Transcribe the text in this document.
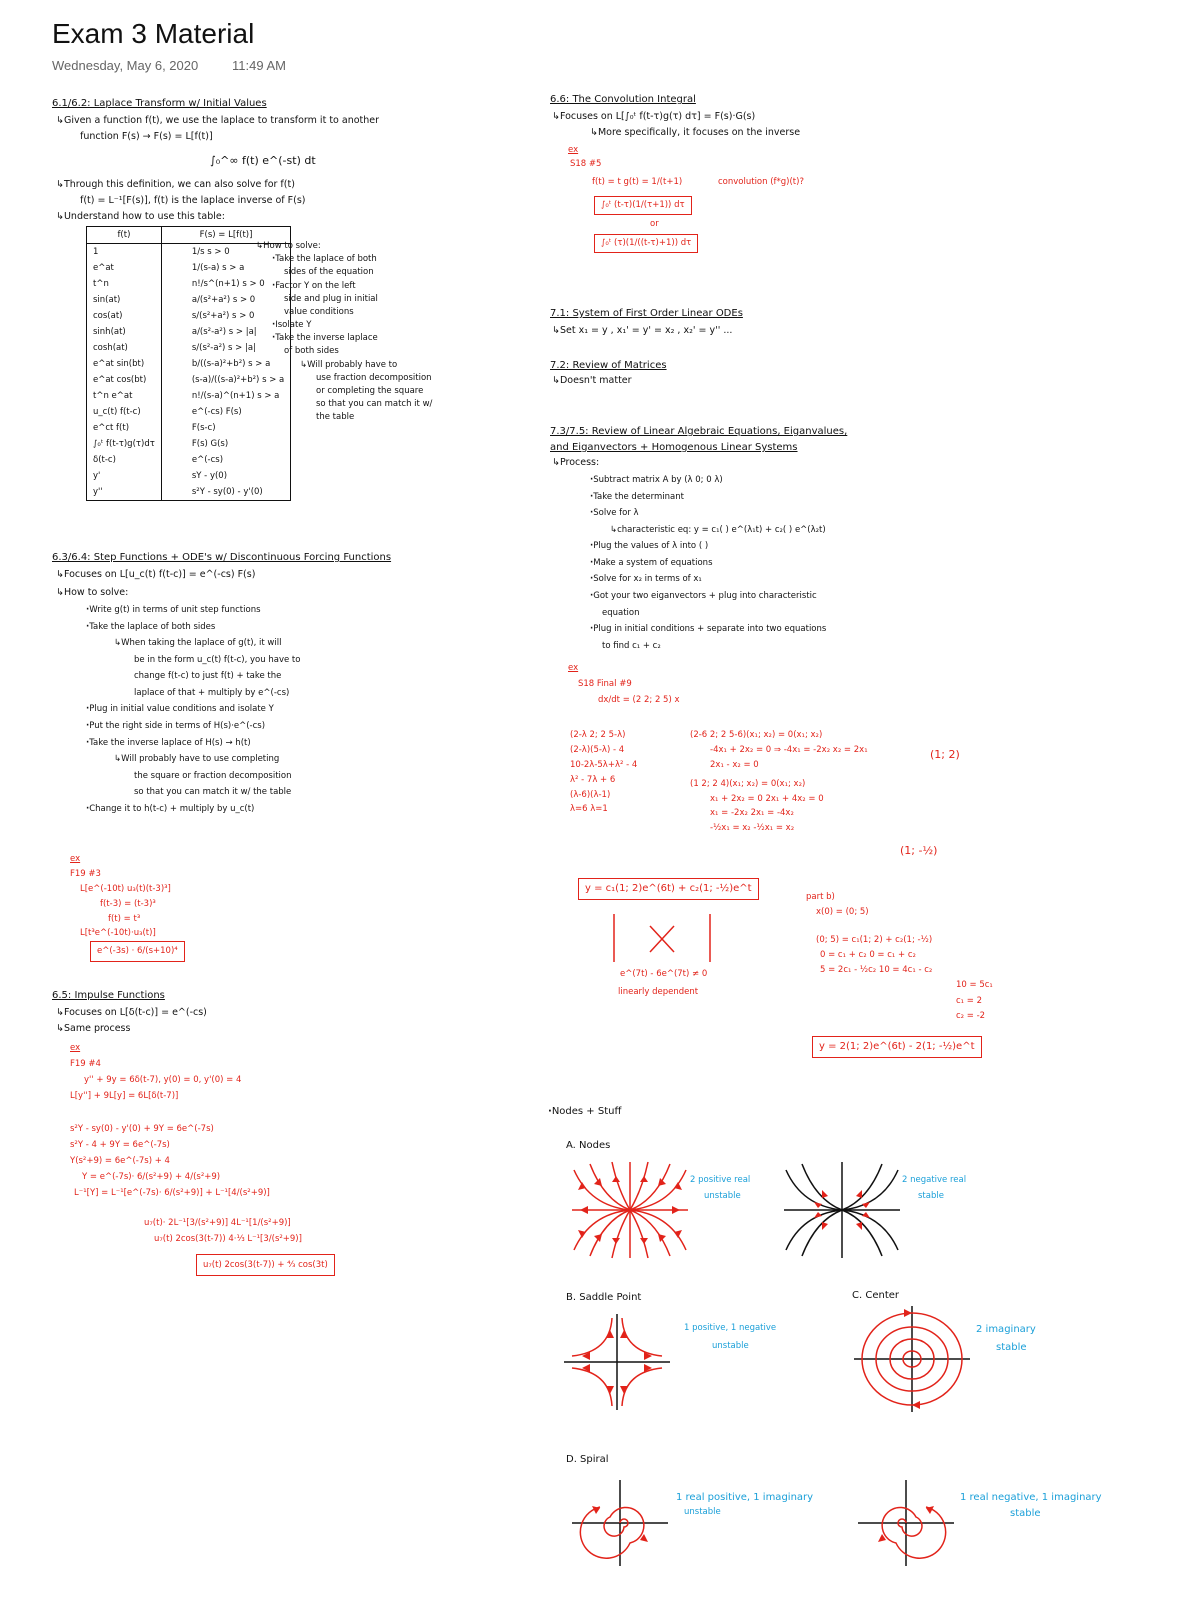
Exam 3 Material
Wednesday, May 6, 2020	11:49 AM
6.1/6.2: Laplace Transform w/ Initial Values
↳ Given a function f(t), we use the laplace to transform it to another
function F(s) → F(s) = L[f(t)]
∫₀^∞ f(t) e^(-st) dt
↳ Through this definition, we can also solve for f(t)
f(t) = L⁻¹[F(s)], f(t) is the laplace inverse of F(s)
↳ Understand how to use this table:
f(t)	F(s) = L[f(t)]
1	1/s s > 0
e^at	1/(s-a) s > a
t^n	n!/s^(n+1) s > 0
sin(at)	a/(s²+a²) s > 0
cos(at)	s/(s²+a²) s > 0
sinh(at)	a/(s²-a²) s > |a|
cosh(at)	s/(s²-a²) s > |a|
e^at sin(bt)	b/((s-a)²+b²) s > a
e^at cos(bt)	(s-a)/((s-a)²+b²) s > a
t^n e^at	n!/(s-a)^(n+1) s > a
u_c(t) f(t-c)	e^(-cs) F(s)
e^ct f(t)	F(s-c)
∫₀ᵗ f(t-τ)g(τ)dτ	F(s) G(s)
δ(t-c)	e^(-cs)
y'	sY - y(0)
y''	s²Y - sy(0) - y'(0)
↳ How to solve:
· Take the laplace of both
sides of the equation
· Factor Y on the left
side and plug in initial
value conditions
· Isolate Y
· Take the inverse laplace
of both sides
↳ Will probably have to
use fraction decomposition
or completing the square
so that you can match it w/
the table
6.3/6.4: Step Functions + ODE's w/ Discontinuous Forcing Functions
↳ Focuses on L[u_c(t) f(t-c)] = e^(-cs) F(s)
↳ How to solve:
· Write g(t) in terms of unit step functions
· Take the laplace of both sides
↳ When taking the laplace of g(t), it will
be in the form u_c(t) f(t-c), you have to
change f(t-c) to just f(t) + take the
laplace of that + multiply by e^(-cs)
· Plug in initial value conditions and isolate Y
· Put the right side in terms of H(s)·e^(-cs)
· Take the inverse laplace of H(s) → h(t)
↳ Will probably have to use completing
the square or fraction decomposition
so that you can match it w/ the table
· Change it to h(t-c) + multiply by u_c(t)
ex
F19 #3
L[e^(-10t) u₃(t)(t-3)³]
f(t-3) = (t-3)³
f(t) = t³
L[t³e^(-10t)·u₃(t)]
e^(-3s) · 6/(s+10)⁴
6.5: Impulse Functions
↳ Focuses on L[δ(t-c)] = e^(-cs)
↳ Same process
ex
F19 #4
y'' + 9y = 6δ(t-7), y(0) = 0, y'(0) = 4
L[y''] + 9L[y] = 6L[δ(t-7)]
s²Y - sy(0) - y'(0) + 9Y = 6e^(-7s)
s²Y - 4 + 9Y = 6e^(-7s)
Y(s²+9) = 6e^(-7s) + 4
Y = e^(-7s)· 6/(s²+9) + 4/(s²+9)
L⁻¹[Y] = L⁻¹[e^(-7s)· 6/(s²+9)] + L⁻¹[4/(s²+9)]
u₇(t)· 2L⁻¹[3/(s²+9)] 4L⁻¹[1/(s²+9)]
u₇(t) 2cos(3(t-7)) 4·⅓ L⁻¹[3/(s²+9)]
u₇(t) 2cos(3(t-7)) + ⁴⁄₃ cos(3t)
6.6: The Convolution Integral
↳ Focuses on L[∫₀ᵗ f(t-τ)g(τ) dτ] = F(s)·G(s)
↳ More specifically, it focuses on the inverse
ex
S18 #5
f(t) = t g(t) = 1/(t+1)	convolution (f*g)(t)?
∫₀ᵗ (t-τ)(1/(τ+1)) dτ
or
∫₀ᵗ (τ)(1/((t-τ)+1)) dτ
7.1: System of First Order Linear ODEs
↳ Set x₁ = y , x₁' = y' = x₂ , x₂' = y'' ...
7.2: Review of Matrices
↳ Doesn't matter
7.3/7.5: Review of Linear Algebraic Equations, Eiganvalues,
and Eiganvectors + Homogenous Linear Systems
↳ Process:
· Subtract matrix A by (λ 0; 0 λ)
· Take the determinant
· Solve for λ
↳ characteristic eq: y = c₁( ) e^(λ₁t) + c₂( ) e^(λ₂t)
· Plug the values of λ into ( )
· Make a system of equations
· Solve for x₂ in terms of x₁
· Got your two eiganvectors + plug into characteristic
equation
· Plug in initial conditions + separate into two equations
to find c₁ + c₂
ex
S18 Final #9
dx/dt = (2 2; 2 5) x
(2-λ 2; 2 5-λ)
(2-λ)(5-λ) - 4
10-2λ-5λ+λ² - 4
λ² - 7λ + 6
(λ-6)(λ-1)
λ=6 λ=1
(2-6 2; 2 5-6)(x₁; x₂) = 0(x₁; x₂)
-4x₁ + 2x₂ = 0 ⇒ -4x₁ = -2x₂ x₂ = 2x₁
2x₁ - x₂ = 0
(1 2; 2 4)(x₁; x₂) = 0(x₁; x₂)
x₁ + 2x₂ = 0 2x₁ + 4x₂ = 0
x₁ = -2x₂ 2x₁ = -4x₂
-½x₁ = x₂ -½x₁ = x₂
(1; 2)
(1; -½)
y = c₁(1; 2)e^(6t) + c₂(1; -½)e^t
e^(7t) - 6e^(7t) ≠ 0
linearly dependent
part b)
x(0) = (0; 5)
(0; 5) = c₁(1; 2) + c₂(1; -½)
0 = c₁ + c₂ 0 = c₁ + c₂
5 = 2c₁ - ½c₂ 10 = 4c₁ - c₂
10 = 5c₁
c₁ = 2
c₂ = -2
y = 2(1; 2)e^(6t) - 2(1; -½)e^t
· Nodes + Stuff
A. Nodes
2 positive real
unstable
2 negative real
stable
B. Saddle Point
1 positive, 1 negative
unstable
C. Center
2 imaginary
stable
D. Spiral
1 real positive, 1 imaginary
unstable
1 real negative, 1 imaginary
stable
